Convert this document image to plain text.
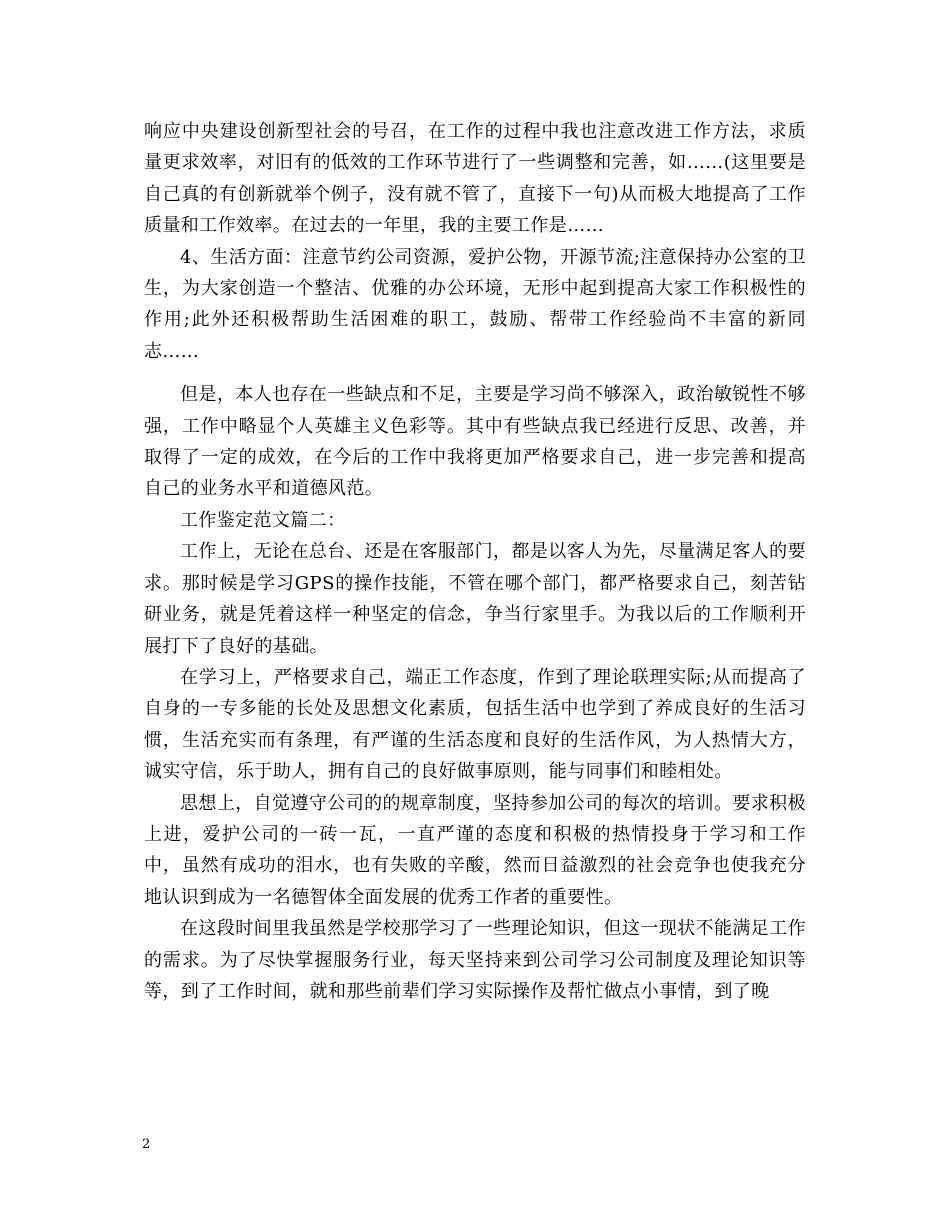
响应中央建设创新型社会的号召，在工作的过程中我也注意改进工作方法，求质量更求效率，对旧有的低效的工作环节进行了一些调整和完善，如……(这里要是自己真的有创新就举个例子，没有就不管了，直接下一句)从而极大地提高了工作质量和工作效率。在过去的一年里，我的主要工作是……

4、生活方面：注意节约公司资源，爱护公物，开源节流;注意保持办公室的卫生，为大家创造一个整洁、优雅的办公环境，无形中起到提高大家工作积极性的作用;此外还积极帮助生活困难的职工，鼓励、帮带工作经验尚不丰富的新同志……

但是，本人也存在一些缺点和不足，主要是学习尚不够深入，政治敏锐性不够强，工作中略显个人英雄主义色彩等。其中有些缺点我已经进行反思、改善，并取得了一定的成效，在今后的工作中我将更加严格要求自己，进一步完善和提高自己的业务水平和道德风范。

工作鉴定范文篇二：

工作上，无论在总台、还是在客服部门，都是以客人为先，尽量满足客人的要求。那时候是学习GPS的操作技能，不管在哪个部门，都严格要求自己，刻苦钻研业务，就是凭着这样一种坚定的信念，争当行家里手。为我以后的工作顺利开展打下了良好的基础。

在学习上，严格要求自己，端正工作态度，作到了理论联理实际;从而提高了自身的一专多能的长处及思想文化素质，包括生活中也学到了养成良好的生活习惯，生活充实而有条理，有严谨的生活态度和良好的生活作风，为人热情大方，诚实守信，乐于助人，拥有自己的良好做事原则，能与同事们和睦相处。

思想上，自觉遵守公司的的规章制度，坚持参加公司的每次的培训。要求积极上进，爱护公司的一砖一瓦，一直严谨的态度和积极的热情投身于学习和工作中，虽然有成功的泪水，也有失败的辛酸，然而日益激烈的社会竞争也使我充分地认识到成为一名德智体全面发展的优秀工作者的重要性。

在这段时间里我虽然是学校那学习了一些理论知识，但这一现状不能满足工作的需求。为了尽快掌握服务行业，每天坚持来到公司学习公司制度及理论知识等等，到了工作时间，就和那些前辈们学习实际操作及帮忙做点小事情，到了晚

2
